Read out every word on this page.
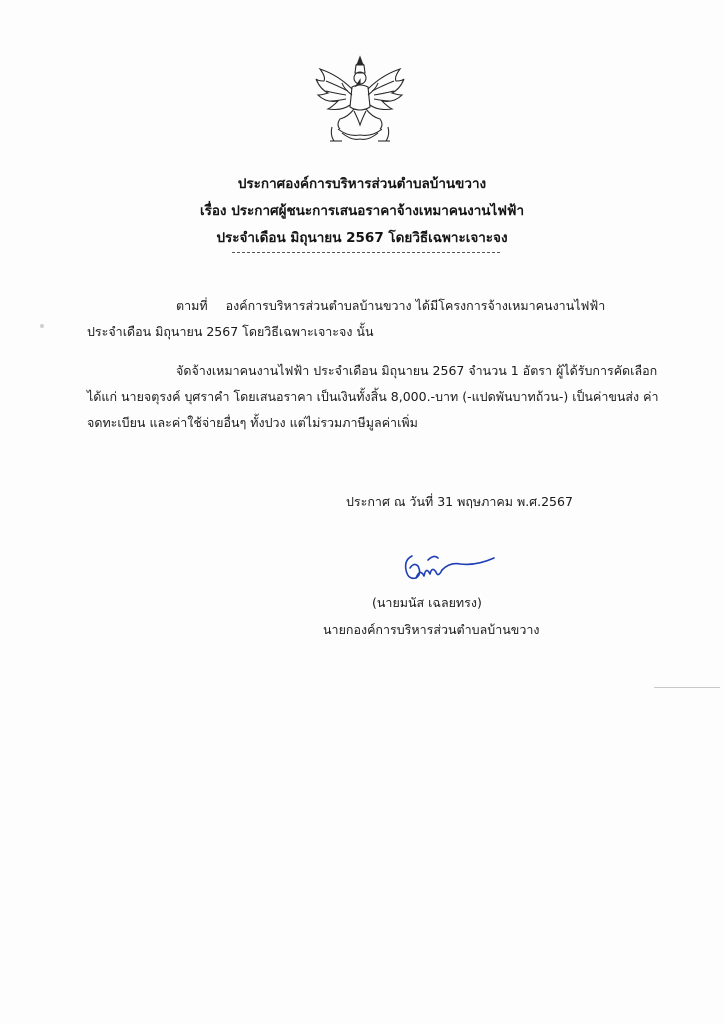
ประกาศองค์การบริหารส่วนตำบลบ้านขวาง
เรื่อง ประกาศผู้ชนะการเสนอราคาจ้างเหมาคนงานไฟฟ้า
ประจำเดือน มิถุนายน 2567 โดยวิธีเฉพาะเจาะจง
ตามที่ องค์การบริหารส่วนตำบลบ้านขวาง ได้มีโครงการจ้างเหมาคนงานไฟฟ้า
ประจำเดือน มิถุนายน 2567 โดยวิธีเฉพาะเจาะจง นั้น
จัดจ้างเหมาคนงานไฟฟ้า ประจำเดือน มิถุนายน 2567 จำนวน 1 อัตรา ผู้ได้รับการคัดเลือก
ได้แก่ นายจตุรงค์ บุศราคำ โดยเสนอราคา เป็นเงินทั้งสิ้น 8,000.-บาท (-แปดพันบาทถ้วน-) เป็นค่าขนส่ง ค่า
จดทะเบียน และค่าใช้จ่ายอื่นๆ ทั้งปวง แต่ไม่รวมภาษีมูลค่าเพิ่ม
ประกาศ ณ วันที่ 31 พฤษภาคม พ.ศ.2567
(นายมนัส เฉลยทรง)
นายกองค์การบริหารส่วนตำบลบ้านขวาง
